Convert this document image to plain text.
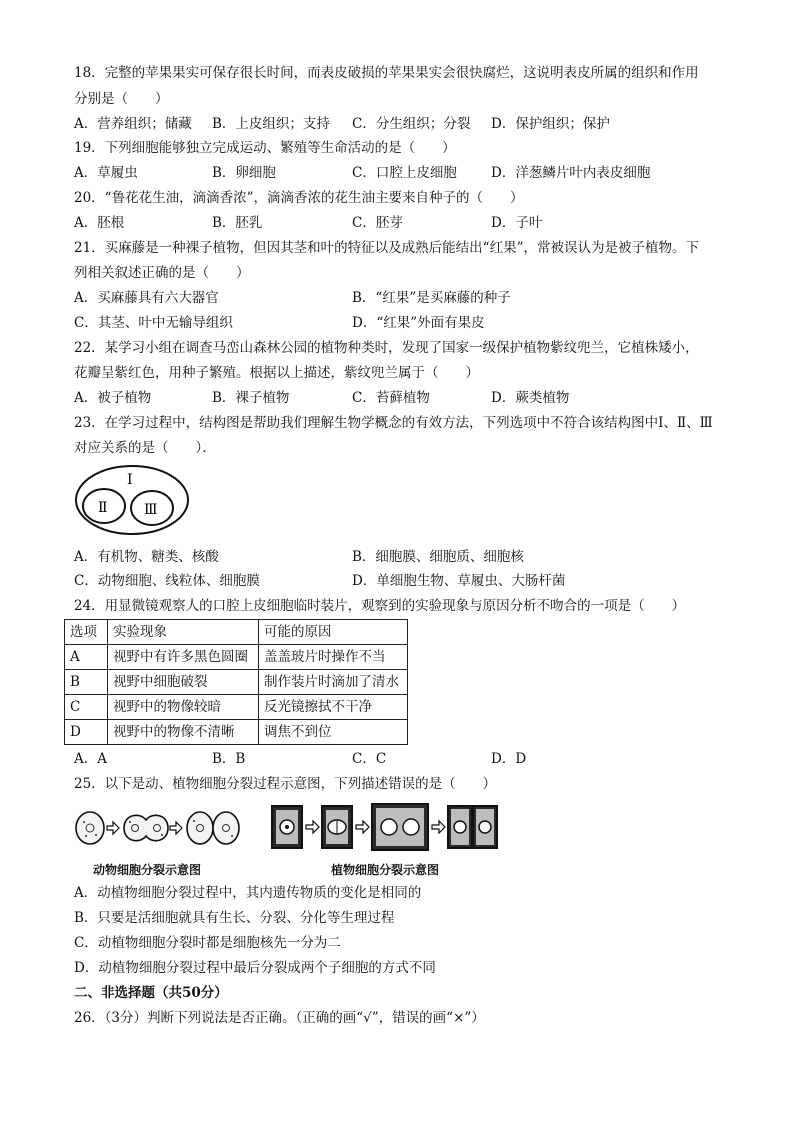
18．完整的苹果果实可保存很长时间，而表皮破损的苹果果实会很快腐烂，这说明表皮所属的组织和作用
分别是（　　）
A．营养组织；储藏 B．上皮组织；支持 C．分生组织；分裂 D．保护组织；保护
19．下列细胞能够独立完成运动、繁殖等生命活动的是（　　）
A．草履虫	B．卵细胞	C．口腔上皮细胞	D．洋葱鳞片叶内表皮细胞
20．“鲁花花生油，滴滴香浓”，滴滴香浓的花生油主要来自种子的（　　）
A．胚根	B．胚乳	C．胚芽	D．子叶
21．买麻藤是一种裸子植物，但因其茎和叶的特征以及成熟后能结出“红果”，常被误认为是被子植物。下
列相关叙述正确的是（　　）
A．买麻藤具有六大器官	B．“红果”是买麻藤的种子
C．其茎、叶中无输导组织	D．“红果”外面有果皮
22．某学习小组在调查马峦山森林公园的植物种类时，发现了国家一级保护植物紫纹兜兰，它植株矮小，
花瓣呈紫红色，用种子繁殖。根据以上描述，紫纹兜兰属于（　　）
A．被子植物	B．裸子植物	C．苔藓植物	D．蕨类植物
23．在学习过程中，结构图是帮助我们理解生物学概念的有效方法，下列选项中不符合该结构图中Ⅰ、Ⅱ、Ⅲ
对应关系的是（　　）．
Ⅰ
Ⅱ	Ⅲ
A．有机物、糖类、核酸	B．细胞膜、细胞质、细胞核
C．动物细胞、线粒体、细胞膜	D．单细胞生物、草履虫、大肠杆菌
24．用显微镜观察人的口腔上皮细胞临时装片，观察到的实验现象与原因分析不吻合的一项是（　　）
选项	实验现象	可能的原因
A	视野中有许多黑色圆圈	盖盖玻片时操作不当
B	视野中细胞破裂	制作装片时滴加了清水
C	视野中的物像较暗	反光镜擦拭不干净
D	视野中的物像不清晰	调焦不到位
A．A	B．B	C．C	D．D
25．以下是动、植物细胞分裂过程示意图，下列描述错误的是（　　）
动物细胞分裂示意图	植物细胞分裂示意图
A．动植物细胞分裂过程中，其内遗传物质的变化是相同的
B．只要是活细胞就具有生长、分裂、分化等生理过程
C．动植物细胞分裂时都是细胞核先一分为二
D．动植物细胞分裂过程中最后分裂成两个子细胞的方式不同
二、非选择题（共50分）
26．（3分）判断下列说法是否正确。（正确的画“√”，错误的画“×”）
